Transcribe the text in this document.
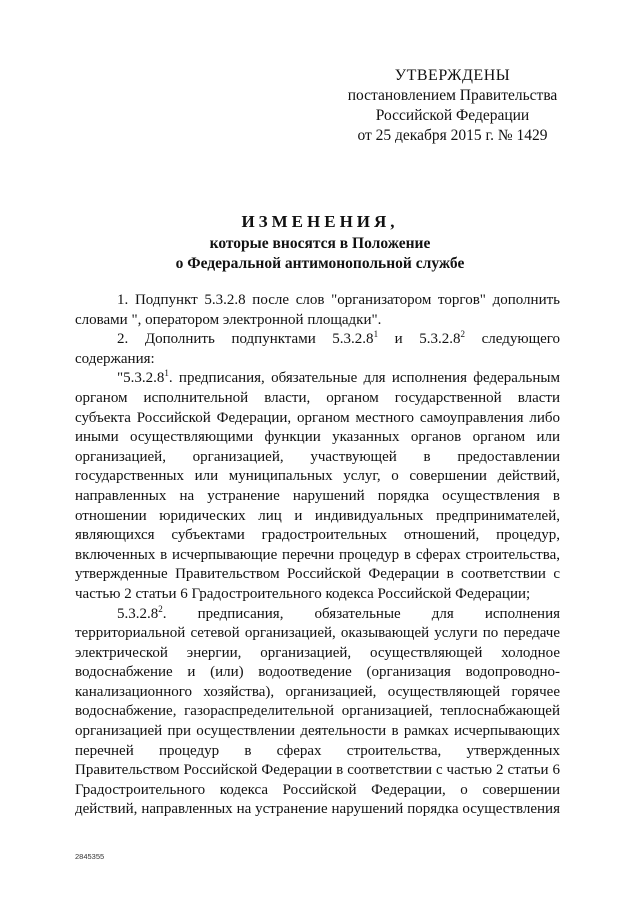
УТВЕРЖДЕНЫ
постановлением Правительства
Российской Федерации
от 25 декабря 2015 г. № 1429
ИЗМЕНЕНИЯ,
которые вносятся в Положение
о Федеральной антимонопольной службе
1. Подпункт 5.3.2.8 после слов "организатором торгов" дополнить
словами ", оператором электронной площадки".
2. Дополнить подпунктами 5.3.2.8$^1$ и 5.3.2.8$^2$ следующего
содержания:
"5.3.2.8$^1$. предписания, обязательные для исполнения федеральным
органом исполнительной власти, органом государственной власти
субъекта Российской Федерации, органом местного самоуправления либо
иными осуществляющими функции указанных органов органом или
организацией, организацией, участвующей в предоставлении
государственных или муниципальных услуг, о совершении действий,
направленных на устранение нарушений порядка осуществления в
отношении юридических лиц и индивидуальных предпринимателей,
являющихся субъектами градостроительных отношений, процедур,
включенных в исчерпывающие перечни процедур в сферах строительства,
утвержденные Правительством Российской Федерации в соответствии с
частью 2 статьи 6 Градостроительного кодекса Российской Федерации;
5.3.2.8$^2$. предписания, обязательные для исполнения
территориальной сетевой организацией, оказывающей услуги по передаче
электрической энергии, организацией, осуществляющей холодное
водоснабжение и (или) водоотведение (организация водопроводно-
канализационного хозяйства), организацией, осуществляющей горячее
водоснабжение, газораспределительной организацией, теплоснабжающей
организацией при осуществлении деятельности в рамках исчерпывающих
перечней процедур в сферах строительства, утвержденных
Правительством Российской Федерации в соответствии с частью 2 статьи 6
Градостроительного кодекса Российской Федерации, о совершении
действий, направленных на устранение нарушений порядка осуществления
2845355
